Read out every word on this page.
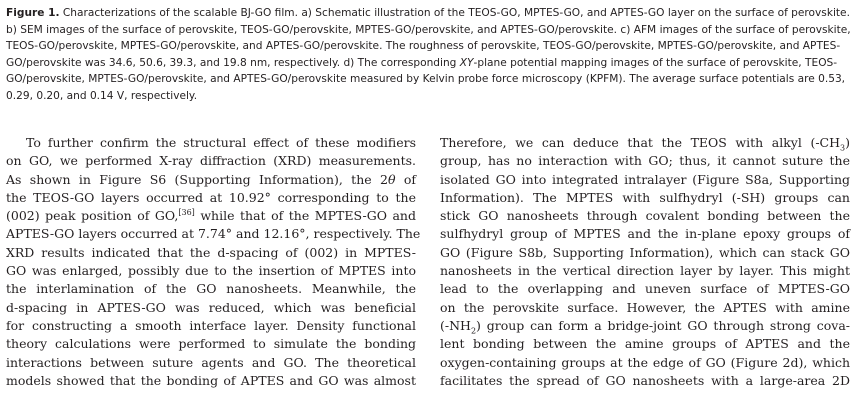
Figure 1. Characterizations of the scalable BJ-GO film. a) Schematic illustration of the TEOS-GO, MPTES-GO, and APTES-GO layer on the surface of perovskite. b) SEM images of the surface of perovskite, TEOS-GO/perovskite, MPTES-GO/perovskite, and APTES-GO/perovskite. c) AFM images of the surface of perovskite, TEOS-GO/perovskite, MPTES-GO/perovskite, and APTES-GO/perovskite. The roughness of perovskite, TEOS-GO/perovskite, MPTES-GO/perovskite, and APTES-GO/perovskite was 34.6, 50.6, 39.3, and 19.8 nm, respectively. d) The corresponding XY-plane potential mapping images of the surface of perovskite, TEOS-GO/perovskite, MPTES-GO/perovskite, and APTES-GO/perovskite measured by Kelvin probe force microscopy (KPFM). The average surface potentials are 0.53, 0.29, 0.20, and 0.14 V, respectively.
To further confirm the structural effect of these modifiers
on GO, we performed X-ray diffraction (XRD) measurements.
As shown in Figure S6 (Supporting Information), the 2θ of
the TEOS-GO layers occurred at 10.92° corresponding to the
(002) peak position of GO,[36] while that of the MPTES-GO and
APTES-GO layers occurred at 7.74° and 12.16°, respectively. The
XRD results indicated that the d-spacing of (002) in MPTES-
GO was enlarged, possibly due to the insertion of MPTES into
the interlamination of the GO nanosheets. Meanwhile, the
d-spacing in APTES-GO was reduced, which was beneficial
for constructing a smooth interface layer. Density functional
theory calculations were performed to simulate the bonding
interactions between suture agents and GO. The theoretical
models showed that the bonding of APTES and GO was almost
Therefore, we can deduce that the TEOS with alkyl $(-CH_3)$
group, has no interaction with GO; thus, it cannot suture the
isolated GO into integrated intralayer (Figure S8a, Supporting
Information). The MPTES with sulfhydryl (-SH) groups can
stick GO nanosheets through covalent bonding between the
sulfhydryl group of MPTES and the in-plane epoxy groups of
GO (Figure S8b, Supporting Information), which can stack GO
nanosheets in the vertical direction layer by layer. This might
lead to the overlapping and uneven surface of MPTES-GO
on the perovskite surface. However, the APTES with amine
$(-NH_2)$ group can form a bridge-joint GO through strong cova-
lent bonding between the amine groups of APTES and the
oxygen-containing groups at the edge of GO (Figure 2d), which
facilitates the spread of GO nanosheets with a large-area 2D
